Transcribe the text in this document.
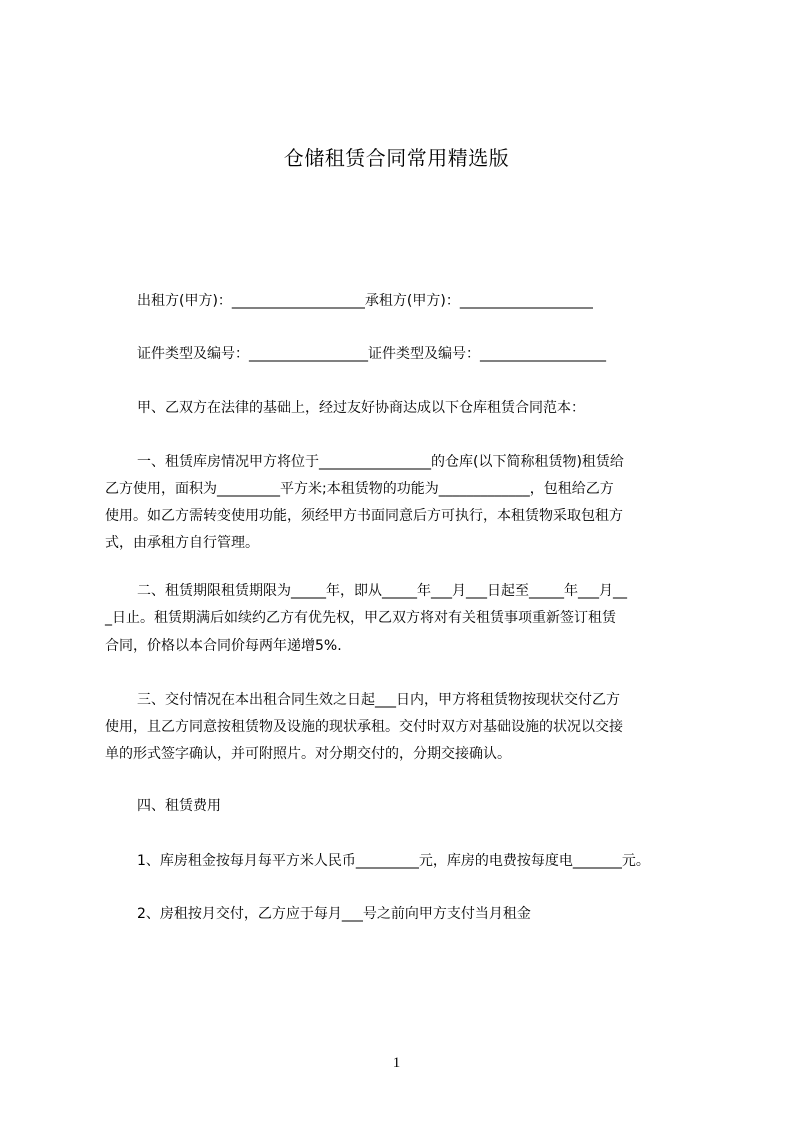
仓储租赁合同常用精选版
出租方(甲方)：___________________承租方(甲方)：___________________
证件类型及编号：_________________证件类型及编号：__________________
甲、乙双方在法律的基础上，经过友好协商达成以下仓库租赁合同范本：
一、租赁库房情况甲方将位于________________的仓库(以下简称租赁物)租赁给
乙方使用，面积为_________平方米;本租赁物的功能为_____________，包租给乙方
使用。如乙方需转变使用功能，须经甲方书面同意后方可执行，本租赁物采取包租方
式，由承租方自行管理。
二、租赁期限租赁期限为_____年，即从_____年___月___日起至_____年___月__
_日止。租赁期满后如续约乙方有优先权，甲乙双方将对有关租赁事项重新签订租赁
合同，价格以本合同价每两年递增5%.
三、交付情况在本出租合同生效之日起___日内，甲方将租赁物按现状交付乙方
使用，且乙方同意按租赁物及设施的现状承租。交付时双方对基础设施的状况以交接
单的形式签字确认，并可附照片。对分期交付的，分期交接确认。
四、租赁费用
1、库房租金按每月每平方米人民币_________元，库房的电费按每度电_______元。
2、房租按月交付，乙方应于每月___号之前向甲方支付当月租金
1
